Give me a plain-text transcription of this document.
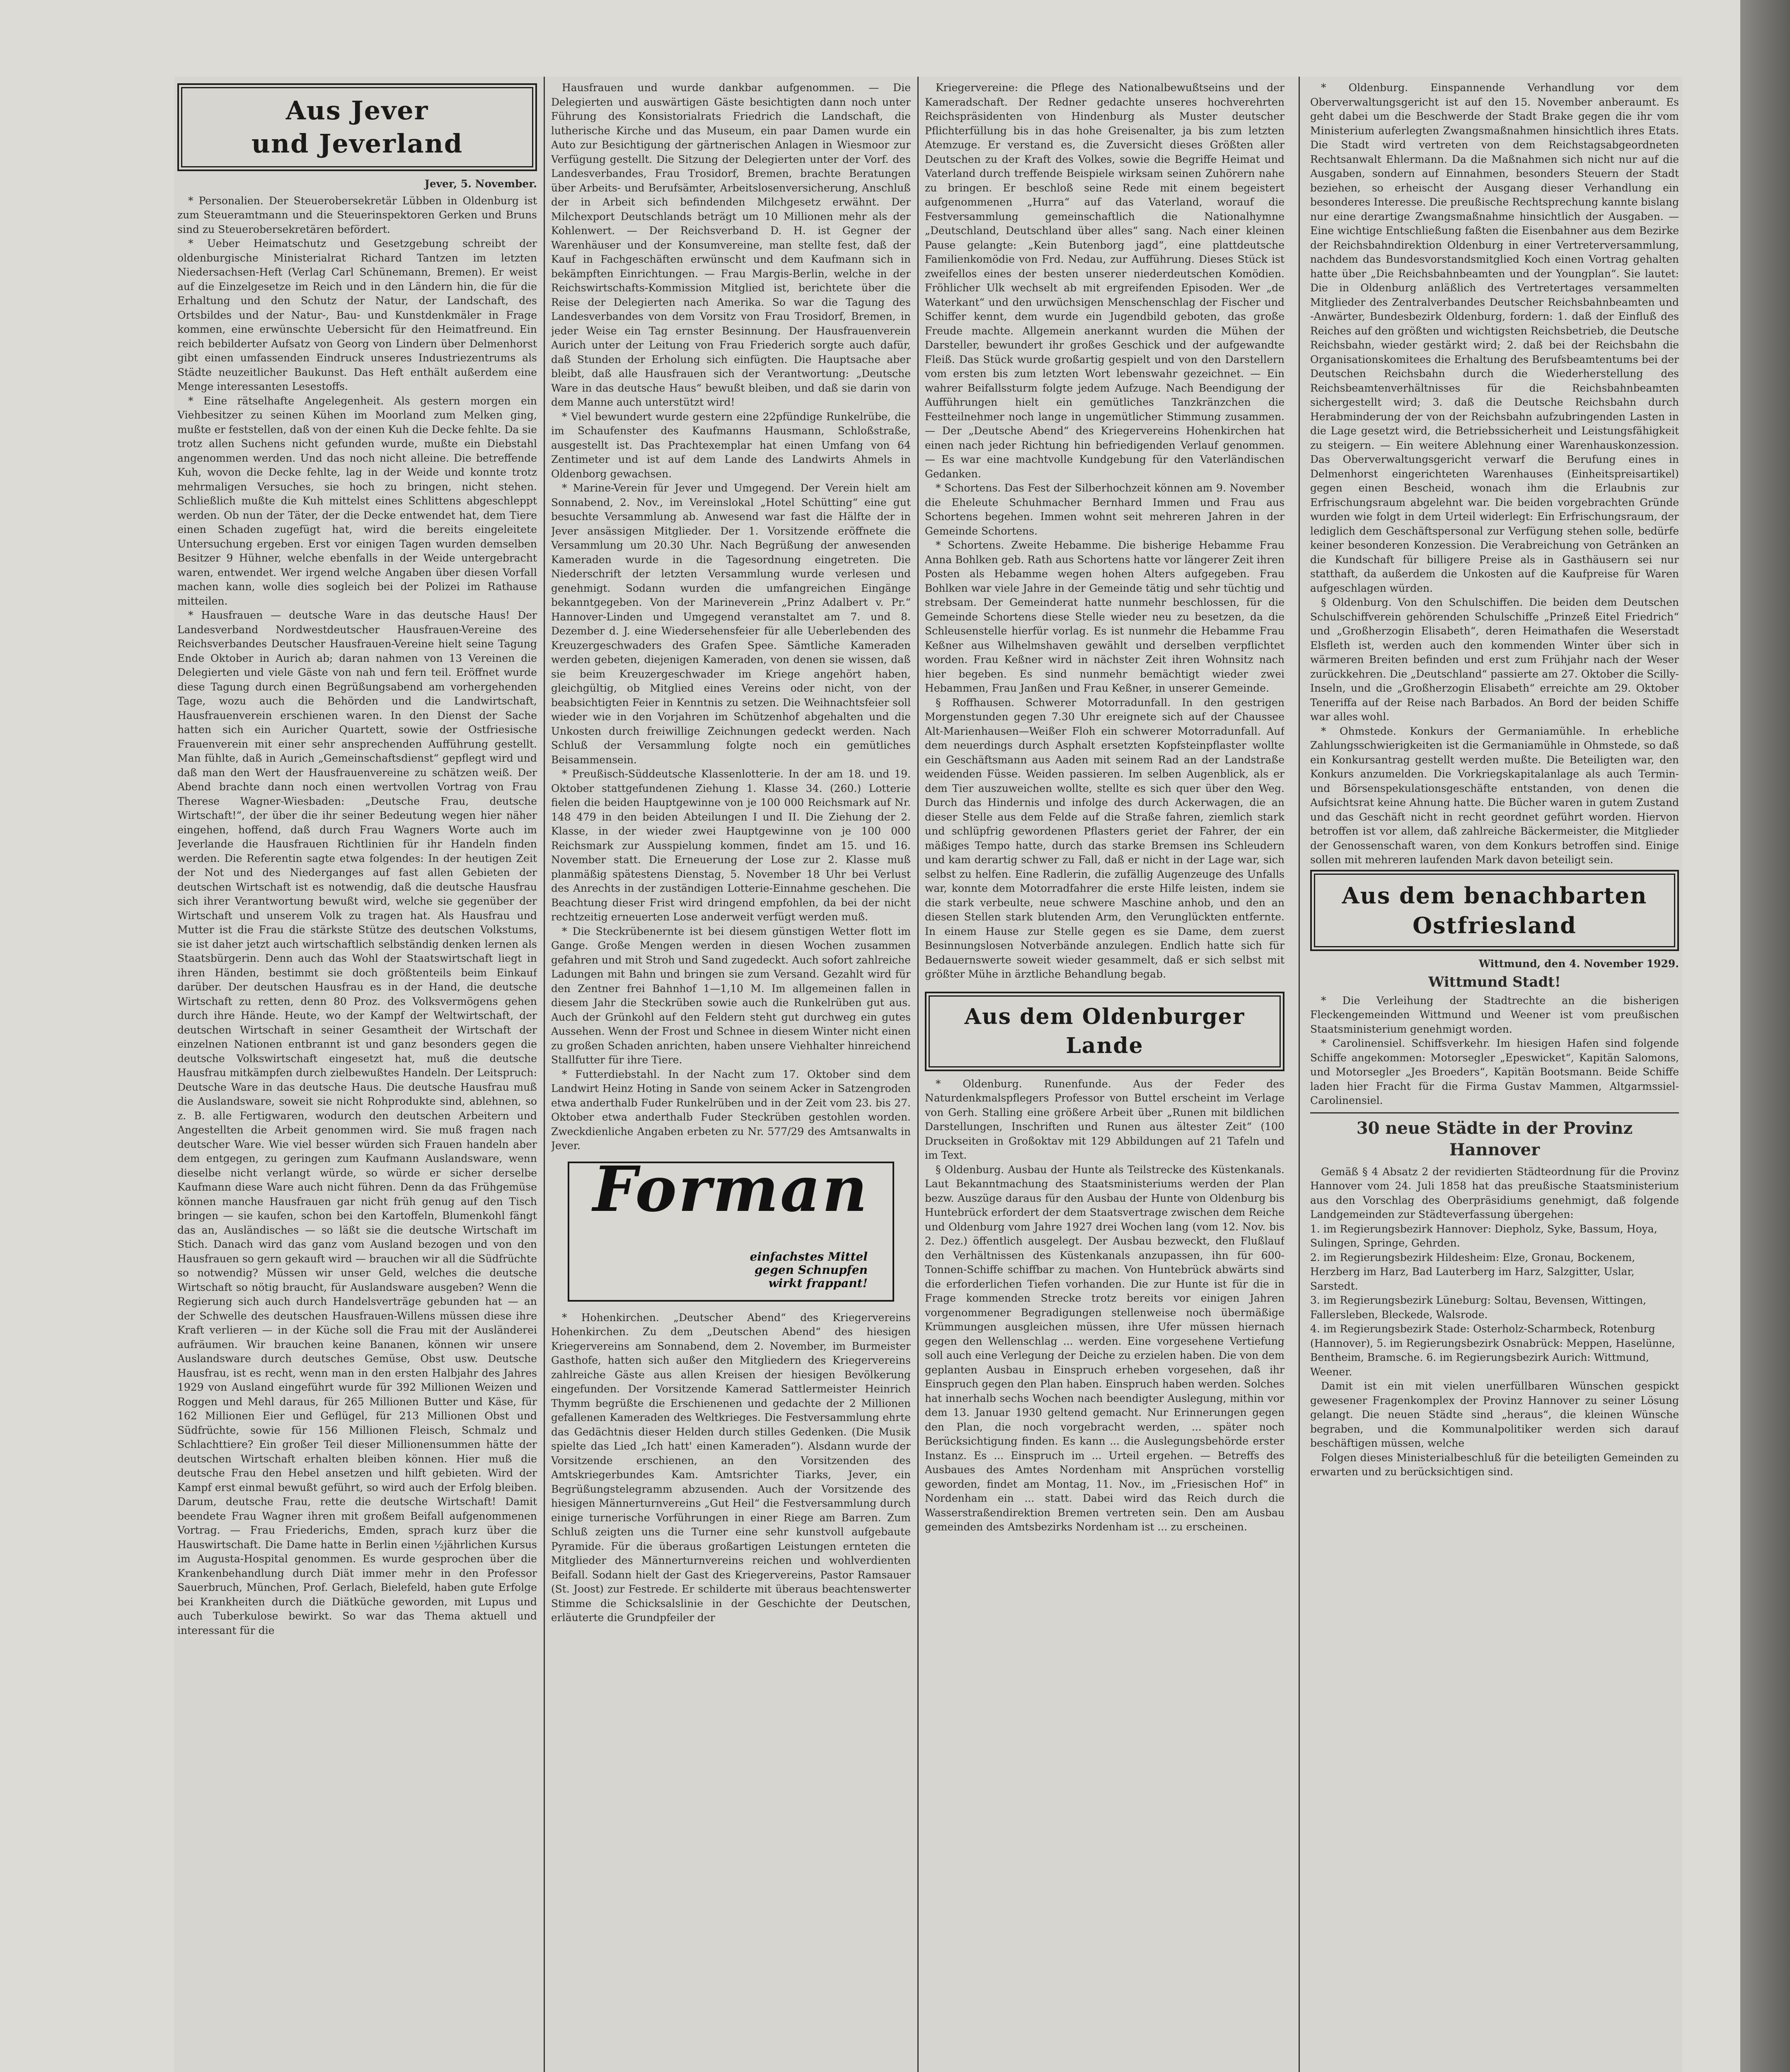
Aus Jever
und Jeverland
Jever, 5. November.

* Personalien. Der Steuerobersekretär Lübben in Oldenburg ist zum Steueramtmann und die Steuerinspektoren Gerken und Bruns sind zu Steuerobersekretären befördert.

* Ueber Heimatschutz und Gesetzgebung schreibt der oldenburgische Ministerialrat Richard Tantzen im letzten Niedersachsen-Heft (Verlag Carl Schünemann, Bremen). Er weist auf die Einzelgesetze im Reich und in den Ländern hin, die für die Erhaltung und den Schutz der Natur, der Landschaft, des Ortsbildes und der Natur-, Bau- und Kunstdenkmäler in Frage kommen, eine erwünschte Uebersicht für den Heimatfreund. Ein reich bebilderter Aufsatz von Georg von Lindern über Delmenhorst gibt einen umfassenden Eindruck unseres Industriezentrums als Städte neuzeitlicher Baukunst. Das Heft enthält außerdem eine Menge interessanten Lesestoffs.

* Eine rätselhafte Angelegenheit. Als gestern morgen ein Viehbesitzer zu seinen Kühen im Moorland zum Melken ging, mußte er feststellen, daß von der einen Kuh die Decke fehlte. Da sie trotz allen Suchens nicht gefunden wurde, mußte ein Diebstahl angenommen werden. Und das noch nicht alleine. Die betreffende Kuh, wovon die Decke fehlte, lag in der Weide und konnte trotz mehrmaligen Versuches, sie hoch zu bringen, nicht stehen. Schließlich mußte die Kuh mittelst eines Schlittens abgeschleppt werden. Ob nun der Täter, der die Decke entwendet hat, dem Tiere einen Schaden zugefügt hat, wird die bereits eingeleitete Untersuchung ergeben. Erst vor einigen Tagen wurden demselben Besitzer 9 Hühner, welche ebenfalls in der Weide untergebracht waren, entwendet. Wer irgend welche Angaben über diesen Vorfall machen kann, wolle dies sogleich bei der Polizei im Rathause mitteilen.

* Hausfrauen — deutsche Ware in das deutsche Haus! Der Landesverband Nordwestdeutscher Hausfrauen-Vereine des Reichsverbandes Deutscher Hausfrauen-Vereine hielt seine Tagung Ende Oktober in Aurich ab; daran nahmen von 13 Vereinen die Delegierten und viele Gäste von nah und fern teil. Eröffnet wurde diese Tagung durch einen Begrüßungsabend am vorhergehenden Tage, wozu auch die Behörden und die Landwirtschaft, Hausfrauenverein erschienen waren. In den Dienst der Sache hatten sich ein Auricher Quartett, sowie der Ostfriesische Frauenverein mit einer sehr ansprechenden Aufführung gestellt. Man fühlte, daß in Aurich „Gemeinschaftsdienst“ gepflegt wird und daß man den Wert der Hausfrauenvereine zu schätzen weiß. Der Abend brachte dann noch einen wertvollen Vortrag von Frau Therese Wagner-Wiesbaden: „Deutsche Frau, deutsche Wirtschaft!“, der über die ihr seiner Bedeutung wegen hier näher eingehen, hoffend, daß durch Frau Wagners Worte auch im Jeverlande die Hausfrauen Richtlinien für ihr Handeln finden werden. Die Referentin sagte etwa folgendes: In der heutigen Zeit der Not und des Niederganges auf fast allen Gebieten der deutschen Wirtschaft ist es notwendig, daß die deutsche Hausfrau sich ihrer Verantwortung bewußt wird, welche sie gegenüber der Wirtschaft und unserem Volk zu tragen hat. Als Hausfrau und Mutter ist die Frau die stärkste Stütze des deutschen Volkstums, sie ist daher jetzt auch wirtschaftlich selbständig denken lernen als Staatsbürgerin. Denn auch das Wohl der Staatswirtschaft liegt in ihren Händen, bestimmt sie doch größtenteils beim Einkauf darüber. Der deutschen Hausfrau es in der Hand, die deutsche Wirtschaft zu retten, denn 80 Proz. des Volksvermögens gehen durch ihre Hände. Heute, wo der Kampf der Weltwirtschaft, der deutschen Wirtschaft in seiner Gesamtheit der Wirtschaft der einzelnen Nationen entbrannt ist und ganz besonders gegen die deutsche Volkswirtschaft eingesetzt hat, muß die deutsche Hausfrau mitkämpfen durch zielbewußtes Handeln. Der Leitspruch: Deutsche Ware in das deutsche Haus. Die deutsche Hausfrau muß die Auslandsware, soweit sie nicht Rohprodukte sind, ablehnen, so z. B. alle Fertigwaren, wodurch den deutschen Arbeitern und Angestellten die Arbeit genommen wird. Sie muß fragen nach deutscher Ware. Wie viel besser würden sich Frauen handeln aber dem entgegen, zu geringen zum Kaufmann Auslandsware, wenn dieselbe nicht verlangt würde, so würde er sicher derselbe Kaufmann diese Ware auch nicht führen. Denn da das Frühgemüse können manche Hausfrauen gar nicht früh genug auf den Tisch bringen — sie kaufen, schon bei den Kartoffeln, Blumenkohl fängt das an, Ausländisches — so läßt sie die deutsche Wirtschaft im Stich. Danach wird das ganz vom Ausland bezogen und von den Hausfrauen so gern gekauft wird — brauchen wir all die Südfrüchte so notwendig? Müssen wir unser Geld, welches die deutsche Wirtschaft so nötig braucht, für Auslandsware ausgeben? Wenn die Regierung sich auch durch Handelsverträge gebunden hat — an der Schwelle des deutschen Hausfrauen-Willens müssen diese ihre Kraft verlieren — in der Küche soll die Frau mit der Ausländerei aufräumen. Wir brauchen keine Bananen, können wir unsere Auslandsware durch deutsches Gemüse, Obst usw. Deutsche Hausfrau, ist es recht, wenn man in den ersten Halbjahr des Jahres 1929 von Ausland eingeführt wurde für 392 Millionen Weizen und Roggen und Mehl daraus, für 265 Millionen Butter und Käse, für 162 Millionen Eier und Geflügel, für 213 Millionen Obst und Südfrüchte, sowie für 156 Millionen Fleisch, Schmalz und Schlachttiere? Ein großer Teil dieser Millionensummen hätte der deutschen Wirtschaft erhalten bleiben können. Hier muß die deutsche Frau den Hebel ansetzen und hilft gebieten. Wird der Kampf erst einmal bewußt geführt, so wird auch der Erfolg bleiben. Darum, deutsche Frau, rette die deutsche Wirtschaft! Damit beendete Frau Wagner ihren mit großem Beifall aufgenommenen Vortrag. — Frau Friederichs, Emden, sprach kurz über die Hauswirtschaft. Die Dame hatte in Berlin einen ½jährlichen Kursus im Augusta-Hospital genommen. Es wurde gesprochen über die Krankenbehandlung durch Diät immer mehr in den Professor Sauerbruch, München, Prof. Gerlach, Bielefeld, haben gute Erfolge bei Krankheiten durch die Diätküche geworden, mit Lupus und auch Tuberkulose bewirkt. So war das Thema aktuell und interessant für die

Hausfrauen und wurde dankbar aufgenommen. — Die Delegierten und auswärtigen Gäste besichtigten dann noch unter Führung des Konsistorialrats Friedrich die Landschaft, die lutherische Kirche und das Museum, ein paar Damen wurde ein Auto zur Besichtigung der gärtnerischen Anlagen in Wiesmoor zur Verfügung gestellt. Die Sitzung der Delegierten unter der Vorf. des Landesverbandes, Frau Trosidorf, Bremen, brachte Beratungen über Arbeits- und Berufsämter, Arbeitslosenversicherung, Anschluß der in Arbeit sich befindenden Milchgesetz erwähnt. Der Milchexport Deutschlands beträgt um 10 Millionen mehr als der Kohlenwert. — Der Reichsverband D. H. ist Gegner der Warenhäuser und der Konsumvereine, man stellte fest, daß der Kauf in Fachgeschäften erwünscht und dem Kaufmann sich in bekämpften Einrichtungen. — Frau Margis-Berlin, welche in der Reichswirtschafts-Kommission Mitglied ist, berichtete über die Reise der Delegierten nach Amerika. So war die Tagung des Landesverbandes von dem Vorsitz von Frau Trosidorf, Bremen, in jeder Weise ein Tag ernster Besinnung. Der Hausfrauenverein Aurich unter der Leitung von Frau Friederich sorgte auch dafür, daß Stunden der Erholung sich einfügten. Die Hauptsache aber bleibt, daß alle Hausfrauen sich der Verantwortung: „Deutsche Ware in das deutsche Haus“ bewußt bleiben, und daß sie darin von dem Manne auch unterstützt wird!

* Viel bewundert wurde gestern eine 22pfündige Runkelrübe, die im Schaufenster des Kaufmanns Hausmann, Schloßstraße, ausgestellt ist. Das Prachtexemplar hat einen Umfang von 64 Zentimeter und ist auf dem Lande des Landwirts Ahmels in Oldenborg gewachsen.

* Marine-Verein für Jever und Umgegend. Der Verein hielt am Sonnabend, 2. Nov., im Vereinslokal „Hotel Schütting“ eine gut besuchte Versammlung ab. Anwesend war fast die Hälfte der in Jever ansässigen Mitglieder. Der 1. Vorsitzende eröffnete die Versammlung um 20.30 Uhr. Nach Begrüßung der anwesenden Kameraden wurde in die Tagesordnung eingetreten. Die Niederschrift der letzten Versammlung wurde verlesen und genehmigt. Sodann wurden die umfangreichen Eingänge bekanntgegeben. Von der Marineverein „Prinz Adalbert v. Pr.“ Hannover-Linden und Umgegend veranstaltet am 7. und 8. Dezember d. J. eine Wiedersehensfeier für alle Ueberlebenden des Kreuzergeschwaders des Grafen Spee. Sämtliche Kameraden werden gebeten, diejenigen Kameraden, von denen sie wissen, daß sie beim Kreuzergeschwader im Kriege angehört haben, gleichgültig, ob Mitglied eines Vereins oder nicht, von der beabsichtigten Feier in Kenntnis zu setzen. Die Weihnachtsfeier soll wieder wie in den Vorjahren im Schützenhof abgehalten und die Unkosten durch freiwillige Zeichnungen gedeckt werden. Nach Schluß der Versammlung folgte noch ein gemütliches Beisammensein.

* Preußisch-Süddeutsche Klassenlotterie. In der am 18. und 19. Oktober stattgefundenen Ziehung 1. Klasse 34. (260.) Lotterie fielen die beiden Hauptgewinne von je 100 000 Reichsmark auf Nr. 148 479 in den beiden Abteilungen I und II. Die Ziehung der 2. Klasse, in der wieder zwei Hauptgewinne von je 100 000 Reichsmark zur Ausspielung kommen, findet am 15. und 16. November statt. Die Erneuerung der Lose zur 2. Klasse muß planmäßig spätestens Dienstag, 5. November 18 Uhr bei Verlust des Anrechts in der zuständigen Lotterie-Einnahme geschehen. Die Beachtung dieser Frist wird dringend empfohlen, da bei der nicht rechtzeitig erneuerten Lose anderweit verfügt werden muß.

* Die Steckrübenernte ist bei diesem günstigen Wetter flott im Gange. Große Mengen werden in diesen Wochen zusammen gefahren und mit Stroh und Sand zugedeckt. Auch sofort zahlreiche Ladungen mit Bahn und bringen sie zum Versand. Gezahlt wird für den Zentner frei Bahnhof 1—1,10 M. Im allgemeinen fallen in diesem Jahr die Steckrüben sowie auch die Runkelrüben gut aus. Auch der Grünkohl auf den Feldern steht gut durchweg ein gutes Aussehen. Wenn der Frost und Schnee in diesem Winter nicht einen zu großen Schaden anrichten, haben unsere Viehhalter hinreichend Stallfutter für ihre Tiere.

* Futterdiebstahl. In der Nacht zum 17. Oktober sind dem Landwirt Heinz Hoting in Sande von seinem Acker in Satzengroden etwa anderthalb Fuder Runkelrüben und in der Zeit vom 23. bis 27. Oktober etwa anderthalb Fuder Steckrüben gestohlen worden. Zweckdienliche Angaben erbeten zu Nr. 577/29 des Amtsanwalts in Jever.

Forman
einfachstes Mittel
gegen Schnupfen
wirkt frappant!

* Hohenkirchen. „Deutscher Abend“ des Kriegervereins Hohenkirchen. Zu dem „Deutschen Abend“ des hiesigen Kriegervereins am Sonnabend, dem 2. November, im Burmeister Gasthofe, hatten sich außer den Mitgliedern des Kriegervereins zahlreiche Gäste aus allen Kreisen der hiesigen Bevölkerung eingefunden. Der Vorsitzende Kamerad Sattlermeister Heinrich Thymm begrüßte die Erschienenen und gedachte der 2 Millionen gefallenen Kameraden des Weltkrieges. Die Festversammlung ehrte das Gedächtnis dieser Helden durch stilles Gedenken. (Die Musik spielte das Lied „Ich hatt' einen Kameraden“). Alsdann wurde der Vorsitzende erschienen, an den Vorsitzenden des Amtskriegerbundes Kam. Amtsrichter Tiarks, Jever, ein Begrüßungstelegramm abzusenden. Auch der Vorsitzende des hiesigen Männerturnvereins „Gut Heil“ die Festversammlung durch einige turnerische Vorführungen in einer Riege am Barren. Zum Schluß zeigten uns die Turner eine sehr kunstvoll aufgebaute Pyramide. Für die überaus großartigen Leistungen ernteten die Mitglieder des Männerturnvereins reichen und wohlverdienten Beifall. Sodann hielt der Gast des Kriegervereins, Pastor Ramsauer (St. Joost) zur Festrede. Er schilderte mit überaus beachtenswerter Stimme die Schicksalslinie in der Geschichte der Deutschen, erläuterte die Grundpfeiler der

Kriegervereine: die Pflege des Nationalbewußtseins und der Kameradschaft. Der Redner gedachte unseres hochverehrten Reichspräsidenten von Hindenburg als Muster deutscher Pflichterfüllung bis in das hohe Greisenalter, ja bis zum letzten Atemzuge. Er verstand es, die Zuversicht dieses Größten aller Deutschen zu der Kraft des Volkes, sowie die Begriffe Heimat und Vaterland durch treffende Beispiele wirksam seinen Zuhörern nahe zu bringen. Er beschloß seine Rede mit einem begeistert aufgenommenen „Hurra“ auf das Vaterland, worauf die Festversammlung gemeinschaftlich die Nationalhymne „Deutschland, Deutschland über alles“ sang. Nach einer kleinen Pause gelangte: „Kein Butenborg jagd“, eine plattdeutsche Familienkomödie von Frd. Nedau, zur Aufführung. Dieses Stück ist zweifellos eines der besten unserer niederdeutschen Komödien. Fröhlicher Ulk wechselt ab mit ergreifenden Episoden. Wer „de Waterkant“ und den urwüchsigen Menschenschlag der Fischer und Schiffer kennt, dem wurde ein Jugendbild geboten, das große Freude machte. Allgemein anerkannt wurden die Mühen der Darsteller, bewundert ihr großes Geschick und der aufgewandte Fleiß. Das Stück wurde großartig gespielt und von den Darstellern vom ersten bis zum letzten Wort lebenswahr gezeichnet. — Ein wahrer Beifallssturm folgte jedem Aufzuge. Nach Beendigung der Aufführungen hielt ein gemütliches Tanzkränzchen die Festteilnehmer noch lange in ungemütlicher Stimmung zusammen. — Der „Deutsche Abend“ des Kriegervereins Hohenkirchen hat einen nach jeder Richtung hin befriedigenden Verlauf genommen. — Es war eine machtvolle Kundgebung für den Vaterländischen Gedanken.

* Schortens. Das Fest der Silberhochzeit können am 9. November die Eheleute Schuhmacher Bernhard Immen und Frau aus Schortens begehen. Immen wohnt seit mehreren Jahren in der Gemeinde Schortens.

* Schortens. Zweite Hebamme. Die bisherige Hebamme Frau Anna Bohlken geb. Rath aus Schortens hatte vor längerer Zeit ihren Posten als Hebamme wegen hohen Alters aufgegeben. Frau Bohlken war viele Jahre in der Gemeinde tätig und sehr tüchtig und strebsam. Der Gemeinderat hatte nunmehr beschlossen, für die Gemeinde Schortens diese Stelle wieder neu zu besetzen, da die Schleusenstelle hierfür vorlag. Es ist nunmehr die Hebamme Frau Keßner aus Wilhelmshaven gewählt und derselben verpflichtet worden. Frau Keßner wird in nächster Zeit ihren Wohnsitz nach hier begeben. Es sind nunmehr bemächtigt wieder zwei Hebammen, Frau Janßen und Frau Keßner, in unserer Gemeinde.

§ Roffhausen. Schwerer Motorradunfall. In den gestrigen Morgenstunden gegen 7.30 Uhr ereignete sich auf der Chaussee Alt-Marienhausen—Weißer Floh ein schwerer Motorradunfall. Auf dem neuerdings durch Asphalt ersetzten Kopfsteinpflaster wollte ein Geschäftsmann aus Aaden mit seinem Rad an der Landstraße weidenden Füsse. Weiden passieren. Im selben Augenblick, als er dem Tier auszuweichen wollte, stellte es sich quer über den Weg. Durch das Hindernis und infolge des durch Ackerwagen, die an dieser Stelle aus dem Felde auf die Straße fahren, ziemlich stark und schlüpfrig gewordenen Pflasters geriet der Fahrer, der ein mäßiges Tempo hatte, durch das starke Bremsen ins Schleudern und kam derartig schwer zu Fall, daß er nicht in der Lage war, sich selbst zu helfen. Eine Radlerin, die zufällig Augenzeuge des Unfalls war, konnte dem Motorradfahrer die erste Hilfe leisten, indem sie die stark verbeulte, neue schwere Maschine anhob, und den an diesen Stellen stark blutenden Arm, den Verunglückten entfernte. In einem Hause zur Stelle gegen es sie Dame, dem zuerst Besinnungslosen Notverbände anzulegen. Endlich hatte sich für Bedauernswerte soweit wieder gesammelt, daß er sich selbst mit größter Mühe in ärztliche Behandlung begab.

Aus dem Oldenburger
Lande

* Oldenburg. Runenfunde. Aus der Feder des Naturdenkmalspflegers Professor von Buttel erscheint im Verlage von Gerh. Stalling eine größere Arbeit über „Runen mit bildlichen Darstellungen, Inschriften und Runen aus ältester Zeit“ (100 Druckseiten in Großoktav mit 129 Abbildungen auf 21 Tafeln und im Text.

§ Oldenburg. Ausbau der Hunte als Teilstrecke des Küstenkanals. Laut Bekanntmachung des Staatsministeriums werden der Plan bezw. Auszüge daraus für den Ausbau der Hunte von Oldenburg bis Huntebrück erfordert der dem Staatsvertrage zwischen dem Reiche und Oldenburg vom Jahre 1927 drei Wochen lang (vom 12. Nov. bis 2. Dez.) öffentlich ausgelegt. Der Ausbau bezweckt, den Flußlauf den Verhältnissen des Küstenkanals anzupassen, ihn für 600-Tonnen-Schiffe schiffbar zu machen. Von Huntebrück abwärts sind die erforderlichen Tiefen vorhanden. Die zur Hunte ist für die in Frage kommenden Strecke trotz bereits vor einigen Jahren vorgenommener Begradigungen stellenweise noch übermäßige Krümmungen ausgleichen müssen, ihre Ufer müssen hiernach gegen den Wellenschlag ... werden. Eine vorgesehene Vertiefung soll auch eine Verlegung der Deiche zu erzielen haben. Die von dem geplanten Ausbau in Einspruch erheben vorgesehen, daß ihr Einspruch gegen den Plan haben. Einspruch haben werden. Solches hat innerhalb sechs Wochen nach beendigter Auslegung, mithin vor dem 13. Januar 1930 geltend gemacht. Nur Erinnerungen gegen den Plan, die noch vorgebracht werden, ... später noch Berücksichtigung finden. Es kann ... die Auslegungsbehörde erster Instanz. Es ... Einspruch im ... Urteil ergehen. — Betreffs des Ausbaues des Amtes Nordenham mit Ansprüchen vorstellig geworden, findet am Montag, 11. Nov., im „Friesischen Hof“ in Nordenham ein ... statt. Dabei wird das Reich durch die Wasserstraßendirektion Bremen vertreten sein. Den am Ausbau gemeinden des Amtsbezirks Nordenham ist ... zu erscheinen.

* Oldenburg. Einspannende Verhandlung vor dem Oberverwaltungsgericht ist auf den 15. November anberaumt. Es geht dabei um die Beschwerde der Stadt Brake gegen die ihr vom Ministerium auferlegten Zwangsmaßnahmen hinsichtlich ihres Etats. Die Stadt wird vertreten von dem Reichstagsabgeordneten Rechtsanwalt Ehlermann. Da die Maßnahmen sich nicht nur auf die Ausgaben, sondern auf Einnahmen, besonders Steuern der Stadt beziehen, so erheischt der Ausgang dieser Verhandlung ein besonderes Interesse. Die preußische Rechtsprechung kannte bislang nur eine derartige Zwangsmaßnahme hinsichtlich der Ausgaben. — Eine wichtige Entschließung faßten die Eisenbahner aus dem Bezirke der Reichsbahndirektion Oldenburg in einer Vertreterversammlung, nachdem das Bundesvorstandsmitglied Koch einen Vortrag gehalten hatte über „Die Reichsbahnbeamten und der Youngplan“. Sie lautet: Die in Oldenburg anläßlich des Vertretertages versammelten Mitglieder des Zentralverbandes Deutscher Reichsbahnbeamten und -Anwärter, Bundesbezirk Oldenburg, fordern: 1. daß der Einfluß des Reiches auf den größten und wichtigsten Reichsbetrieb, die Deutsche Reichsbahn, wieder gestärkt wird; 2. daß bei der Reichsbahn die Organisationskomitees die Erhaltung des Berufsbeamtentums bei der Deutschen Reichsbahn durch die Wiederherstellung des Reichsbeamtenverhältnisses für die Reichsbahnbeamten sichergestellt wird; 3. daß die Deutsche Reichsbahn durch Herabminderung der von der Reichsbahn aufzubringenden Lasten in die Lage gesetzt wird, die Betriebssicherheit und Leistungsfähigkeit zu steigern. — Ein weitere Ablehnung einer Warenhauskonzession. Das Oberverwaltungsgericht verwarf die Berufung eines in Delmenhorst eingerichteten Warenhauses (Einheitspreisartikel) gegen einen Bescheid, wonach ihm die Erlaubnis zur Erfrischungsraum abgelehnt war. Die beiden vorgebrachten Gründe wurden wie folgt in dem Urteil widerlegt: Ein Erfrischungsraum, der lediglich dem Geschäftspersonal zur Verfügung stehen solle, bedürfe keiner besonderen Konzession. Die Verabreichung von Getränken an die Kundschaft für billigere Preise als in Gasthäusern sei nur statthaft, da außerdem die Unkosten auf die Kaufpreise für Waren aufgeschlagen würden.

§ Oldenburg. Von den Schulschiffen. Die beiden dem Deutschen Schulschiffverein gehörenden Schulschiffe „Prinzeß Eitel Friedrich“ und „Großherzogin Elisabeth“, deren Heimathafen die Weserstadt Elsfleth ist, werden auch den kommenden Winter über sich in wärmeren Breiten befinden und erst zum Frühjahr nach der Weser zurückkehren. Die „Deutschland“ passierte am 27. Oktober die Scilly-Inseln, und die „Großherzogin Elisabeth“ erreichte am 29. Oktober Teneriffa auf der Reise nach Barbados. An Bord der beiden Schiffe war alles wohl.

* Ohmstede. Konkurs der Germaniamühle. In erhebliche Zahlungsschwierigkeiten ist die Germaniamühle in Ohmstede, so daß ein Konkursantrag gestellt werden mußte. Die Beteiligten war, den Konkurs anzumelden. Die Vorkriegskapitalanlage als auch Termin- und Börsenspekulationsgeschäfte entstanden, von denen die Aufsichtsrat keine Ahnung hatte. Die Bücher waren in gutem Zustand und das Geschäft nicht in recht geordnet geführt worden. Hiervon betroffen ist vor allem, daß zahlreiche Bäckermeister, die Mitglieder der Genossenschaft waren, von dem Konkurs betroffen sind. Einige sollen mit mehreren laufenden Mark davon beteiligt sein.

Aus dem benachbarten
Ostfriesland
Wittmund, den 4. November 1929.
Wittmund Stadt!

* Die Verleihung der Stadtrechte an die bisherigen Fleckengemeinden Wittmund und Weener ist vom preußischen Staatsministerium genehmigt worden.

* Carolinensiel. Schiffsverkehr. Im hiesigen Hafen sind folgende Schiffe angekommen: Motorsegler „Epeswicket“, Kapitän Salomons, und Motorsegler „Jes Broeders“, Kapitän Bootsmann. Beide Schiffe laden hier Fracht für die Firma Gustav Mammen, Altgarmssiel-Carolinensiel.

30 neue Städte in der Provinz
Hannover

Gemäß § 4 Absatz 2 der revidierten Städteordnung für die Provinz Hannover vom 24. Juli 1858 hat das preußische Staatsministerium aus den Vorschlag des Oberpräsidiums genehmigt, daß folgende Landgemeinden zur Städteverfassung übergehen:

1. im Regierungsbezirk Hannover: Diepholz, Syke, Bassum, Hoya, Sulingen, Springe, Gehrden.

2. im Regierungsbezirk Hildesheim: Elze, Gronau, Bockenem, Herzberg im Harz, Bad Lauterberg im Harz, Salzgitter, Uslar, Sarstedt.

3. im Regierungsbezirk Lüneburg: Soltau, Bevensen, Wittingen, Fallersleben, Bleckede, Walsrode.

4. im Regierungsbezirk Stade: Osterholz-Scharmbeck, Rotenburg (Hannover), 5. im Regierungsbezirk Osnabrück: Meppen, Haselünne, Bentheim, Bramsche. 6. im Regierungsbezirk Aurich: Wittmund, Weener.

Damit ist ein mit vielen unerfüllbaren Wünschen gespickt gewesener Fragenkomplex der Provinz Hannover zu seiner Lösung gelangt. Die neuen Städte sind „heraus“, die kleinen Wünsche begraben, und die Kommunalpolitiker werden sich darauf beschäftigen müssen, welche

Folgen dieses Ministerialbeschluß für die beteiligten Gemeinden zu erwarten und zu berücksichtigen sind.
